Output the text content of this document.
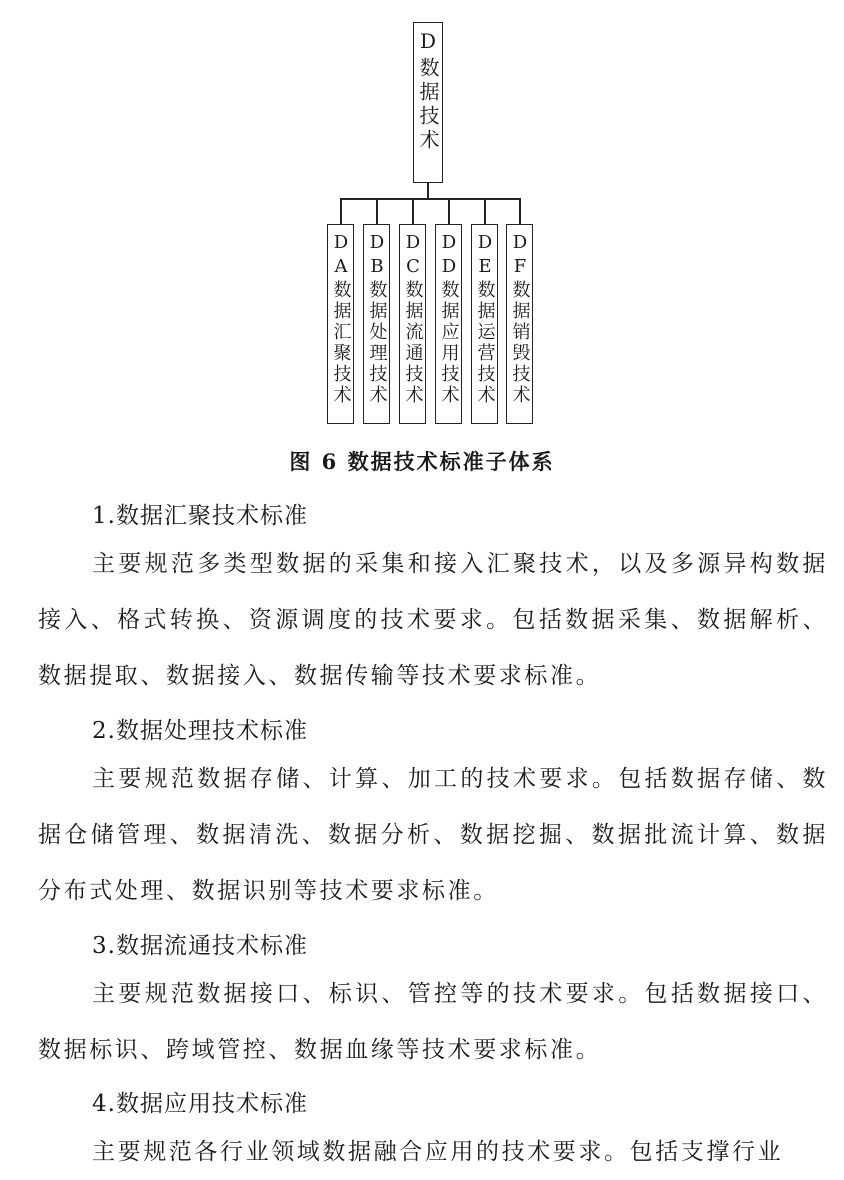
D数据技术
DA数据汇聚技术 DB数据处理技术 DC数据流通技术 DD数据应用技术 DE数据运营技术 DF数据销毁技术
图 6 数据技术标准子体系
1.数据汇聚技术标准

主要规范多类型数据的采集和接入汇聚技术，以及多源异构数据接入、格式转换、资源调度的技术要求。包括数据采集、数据解析、数据提取、数据接入、数据传输等技术要求标准。

2.数据处理技术标准

主要规范数据存储、计算、加工的技术要求。包括数据存储、数据仓储管理、数据清洗、数据分析、数据挖掘、数据批流计算、数据分布式处理、数据识别等技术要求标准。

3.数据流通技术标准

主要规范数据接口、标识、管控等的技术要求。包括数据接口、数据标识、跨域管控、数据血缘等技术要求标准。

4.数据应用技术标准

主要规范各行业领域数据融合应用的技术要求。包括支撑行业
